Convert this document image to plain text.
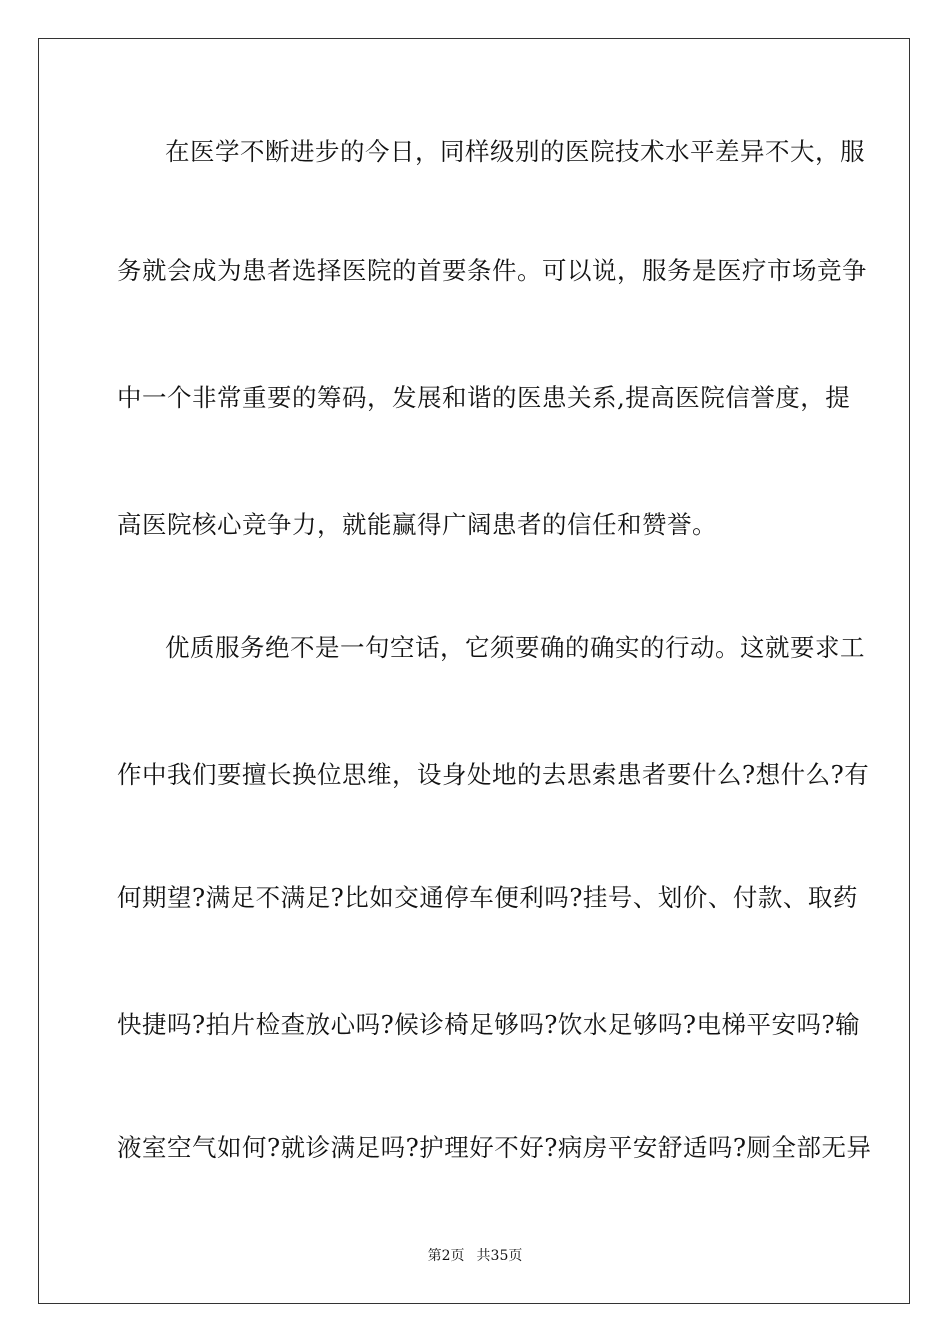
在医学不断进步的今日，同样级别的医院技术水平差异不大，服
务就会成为患者选择医院的首要条件。可以说，服务是医疗市场竞争
中一个非常重要的筹码，发展和谐的医患关系,提高医院信誉度，提
高医院核心竞争力，就能赢得广阔患者的信任和赞誉。
优质服务绝不是一句空话，它须要确的确实的行动。这就要求工
作中我们要擅长换位思维，设身处地的去思索患者要什么?想什么?有
何期望?满足不满足?比如交通停车便利吗?挂号、划价、付款、取药
快捷吗?拍片检查放心吗?候诊椅足够吗?饮水足够吗?电梯平安吗?输
液室空气如何?就诊满足吗?护理好不好?病房平安舒适吗?厕全部无异
第2页 共35页
